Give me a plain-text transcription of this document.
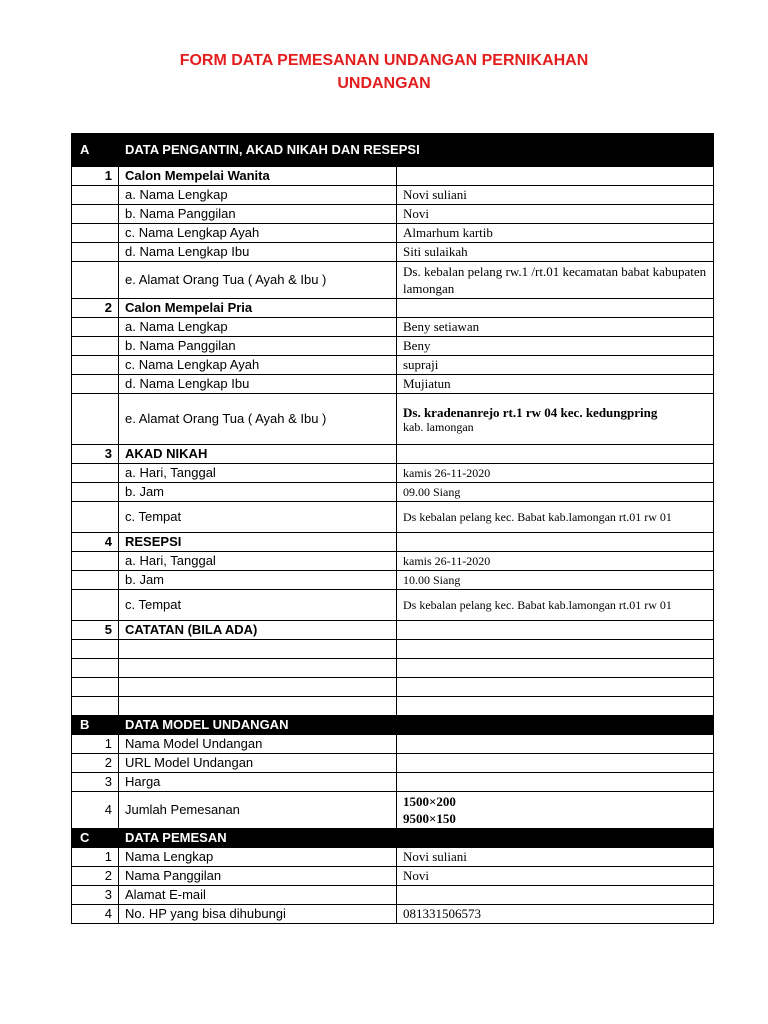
FORM DATA PEMESANAN UNDANGAN PERNIKAHAN
UNDANGAN
A	DATA PENGANTIN, AKAD NIKAH DAN RESEPSI	
1	Calon Mempelai Wanita	
	a. Nama Lengkap	Novi suliani
	b. Nama Panggilan	Novi
	c. Nama Lengkap Ayah	Almarhum kartib
	d. Nama Lengkap Ibu	Siti sulaikah
	e. Alamat Orang Tua ( Ayah & Ibu )	Ds. kebalan pelang rw.1 /rt.01 kecamatan babat kabupaten lamongan
2	Calon Mempelai Pria	
	a. Nama Lengkap	Beny setiawan
	b. Nama Panggilan	Beny
	c. Nama Lengkap Ayah	supraji
	d. Nama Lengkap Ibu	Mujiatun
	e. Alamat Orang Tua ( Ayah & Ibu )	Ds. kradenanrejo rt.1 rw 04 kec. kedungpring
kab. lamongan

3	AKAD NIKAH	
	a. Hari, Tanggal	kamis 26-11-2020
	b. Jam	09.00 Siang
	c. Tempat	Ds kebalan pelang kec. Babat kab.lamongan rt.01 rw 01
4	RESEPSI	
	a. Hari, Tanggal	kamis 26-11-2020
	b. Jam	10.00 Siang
	c. Tempat	Ds kebalan pelang kec. Babat kab.lamongan rt.01 rw 01
5	CATATAN (BILA ADA)	

B	DATA MODEL UNDANGAN	
1	Nama Model Undangan	
2	URL Model Undangan	
3	Harga	
4	Jumlah Pemesanan	1500×200
9500×150

C	DATA PEMESAN	
1	Nama Lengkap	Novi suliani
2	Nama Panggilan	Novi
3	Alamat E-mail	
4	No. HP yang bisa dihubungi	081331506573
